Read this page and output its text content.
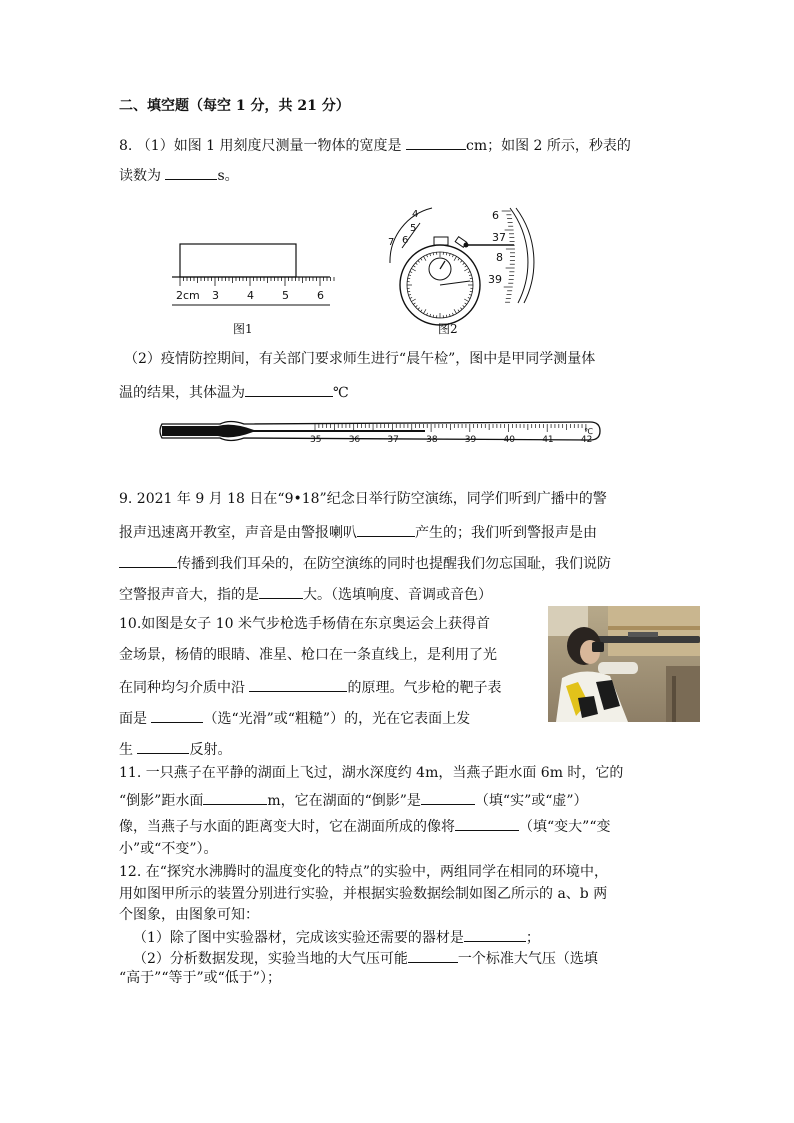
二、填空题（每空 1 分，共 21 分）
8. （1）如图 1 用刻度尺测量一物体的宽度是	cm；如图 2 所示，秒表的
读数为	s。
2cm 3	4	5	6
图1
4
5
6
7
6
37
8
39
图2
（2）疫情防控期间，有关部门要求师生进行“晨午检”，图中是甲同学测量体
温的结果，其体温为	℃
35	36	37	38	39	40	41	42
℃
9. 2021 年 9 月 18 日在“9•18”纪念日举行防空演练，同学们听到广播中的警
报声迅速离开教室，声音是由警报喇叭	产生的；我们听到警报声是由
传播到我们耳朵的，在防空演练的同时也提醒我们勿忘国耻，我们说防
空警报声音大，指的是	大。（选填响度、音调或音色）
10.如图是女子 10 米气步枪选手杨倩在东京奥运会上获得首
金场景，杨倩的眼睛、准星、枪口在一条直线上，是利用了光
在同种均匀介质中沿	的原理。气步枪的靶子表
面是	（选“光滑”或“粗糙”）的，光在它表面上发
生	反射。
11. 一只燕子在平静的湖面上飞过，湖水深度约 4m，当燕子距水面 6m 时，它的
“倒影”距水面	m，它在湖面的“倒影”是	（填“实”或“虚”）
像，当燕子与水面的距离变大时，它在湖面所成的像将	（填“变大”“变
小”或“不变”）。
12. 在“探究水沸腾时的温度变化的特点”的实验中，两组同学在相同的环境中，
用如图甲所示的装置分别进行实验，并根据实验数据绘制如图乙所示的 a、b 两
个图象，由图象可知：
（1）除了图中实验器材，完成该实验还需要的器材是	；
（2）分析数据发现，实验当地的大气压可能	一个标准大气压（选填
“高于”“等于”或“低于”）；
